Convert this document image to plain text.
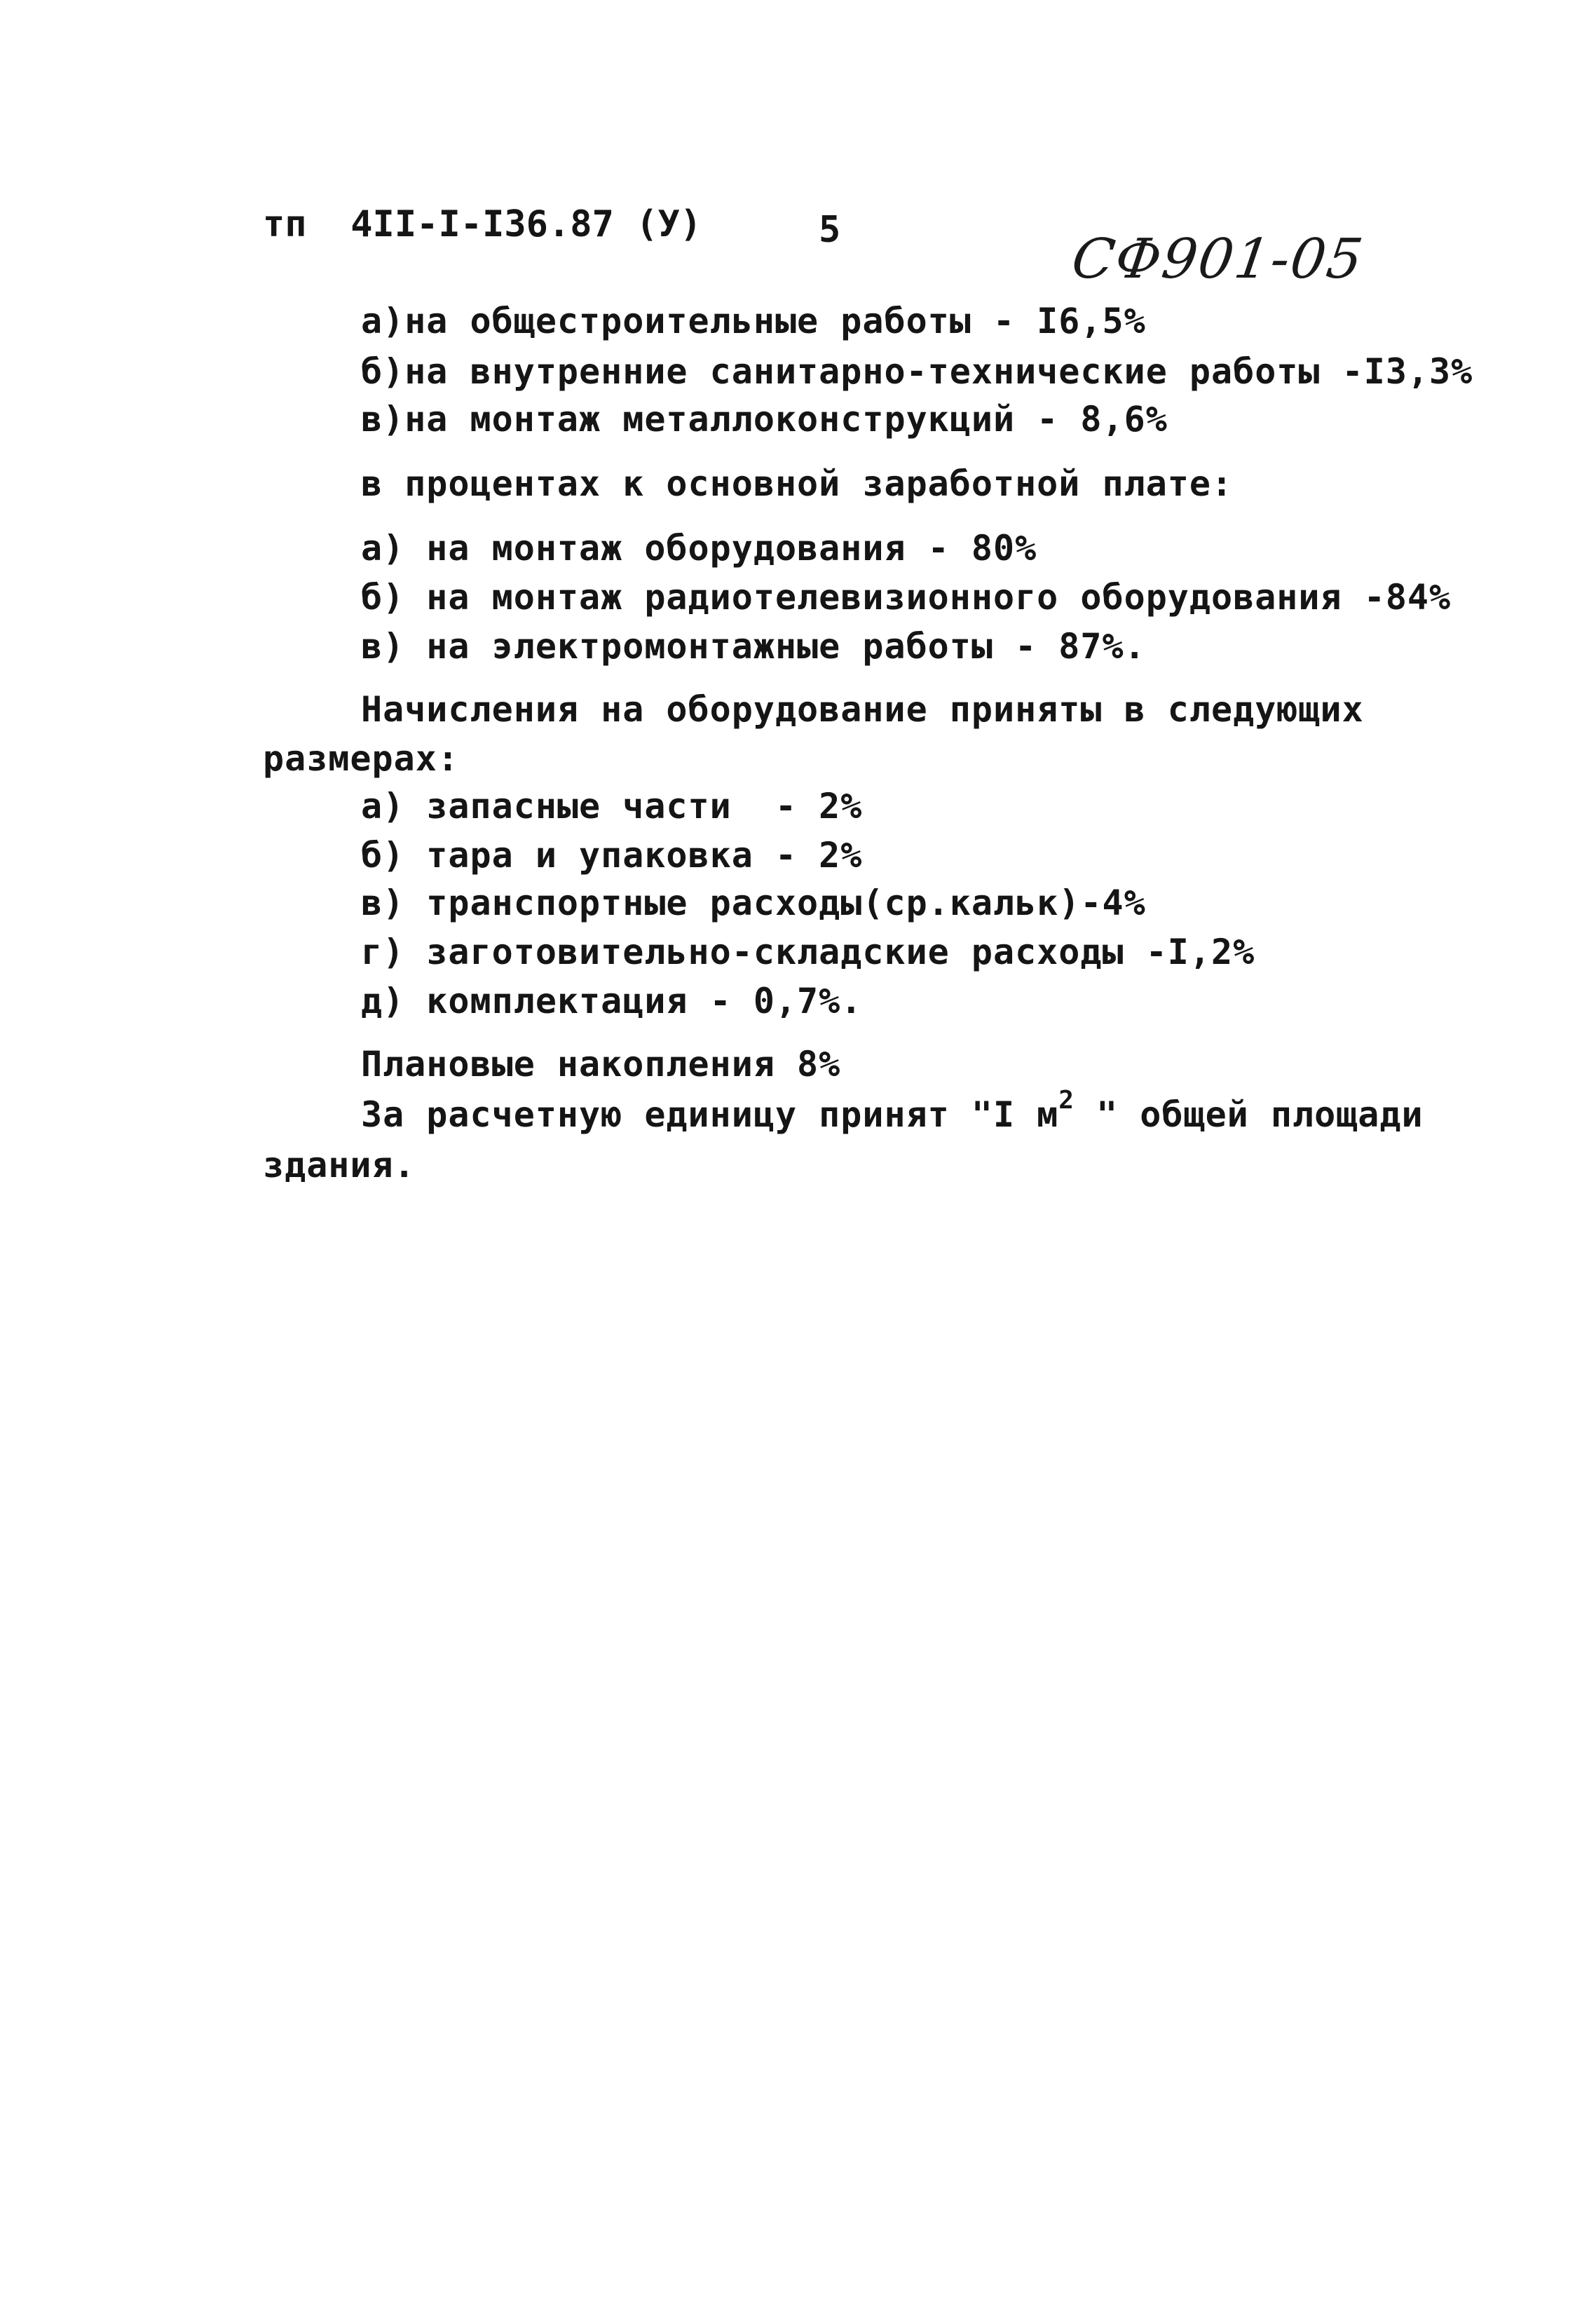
тп  4II-I-I36.87 (У)	5	СФ901-05
а)на общестроительные работы - I6,5%
б)на внутренние санитарно-технические работы -I3,3%
в)на монтаж металлоконструкций - 8,6%
в процентах к основной заработной плате:
а) на монтаж оборудования - 80%
б) на монтаж радиотелевизионного оборудования -84%
в) на электромонтажные работы - 87%.
Начисления на оборудование приняты в следующих
размерах:
а) запасные части  - 2%
б) тара и упаковка - 2%
в) транспортные расходы(ср.кальк)-4%
г) заготовительно-складские расходы -I,2%
д) комплектация - 0,7%.
Плановые накопления 8%
За расчетную единицу принят "I $м^2$ " общей площади
здания.
